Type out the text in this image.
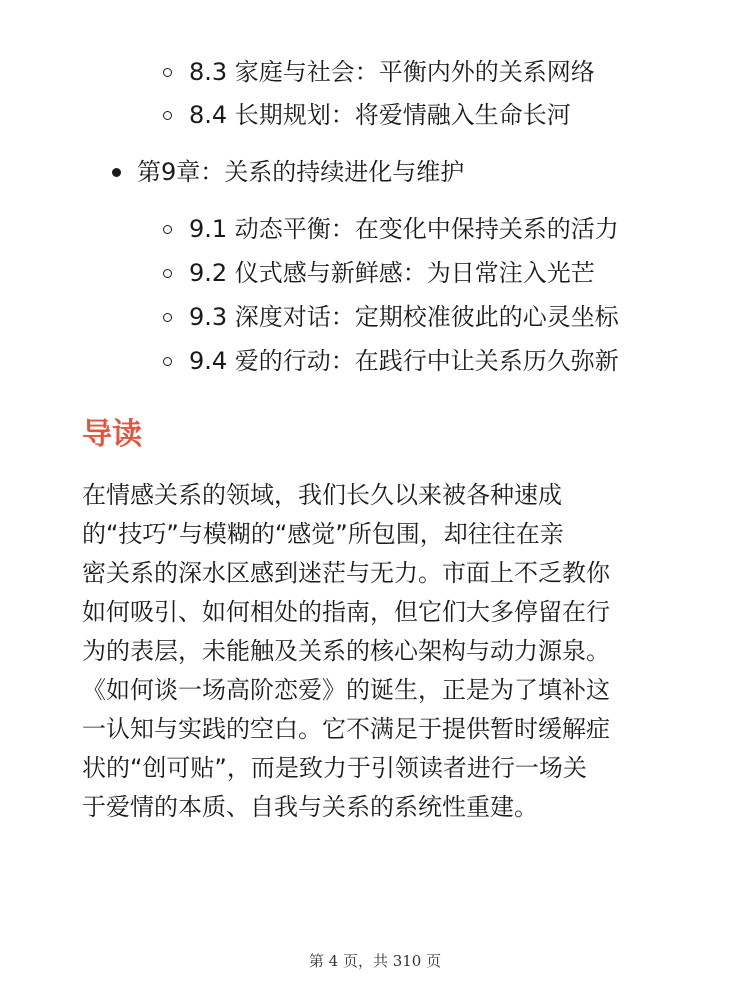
8.3 家庭与社会：平衡内外的关系网络
8.4 长期规划：将爱情融入生命长河
第9章：关系的持续进化与维护
9.1 动态平衡：在变化中保持关系的活力
9.2 仪式感与新鲜感：为日常注入光芒
9.3 深度对话：定期校准彼此的心灵坐标
9.4 爱的行动：在践行中让关系历久弥新
导读
在情感关系的领域，我们长久以来被各种速成
的“技巧”与模糊的“感觉”所包围，却往往在亲
密关系的深水区感到迷茫与无力。市面上不乏教你
如何吸引、如何相处的指南，但它们大多停留在行
为的表层，未能触及关系的核心架构与动力源泉。
《如何谈一场高阶恋爱》的诞生，正是为了填补这
一认知与实践的空白。它不满足于提供暂时缓解症
状的“创可贴”，而是致力于引领读者进行一场关
于爱情的本质、自我与关系的系统性重建。
第 4 页，共 310 页
